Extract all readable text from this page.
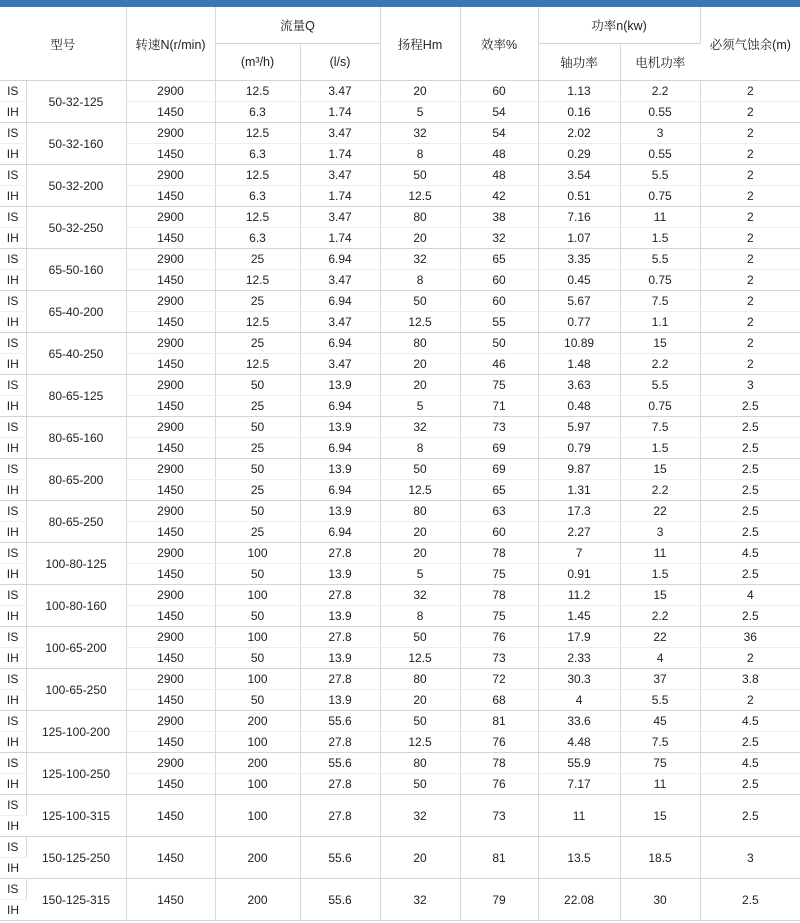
型号		转速N(r/min)	流量Q		扬程Hm	效率%	功率n(kw)		必须气蚀余(m)
			(m³/h)	(l/s)			轴功率	电机功率	
IS	50-32-125	2900	12.5	3.47	20	60	1.13	2.2	2
IH		1450	6.3	1.74	5	54	0.16	0.55	2
IS	50-32-160	2900	12.5	3.47	32	54	2.02	3	2
IH		1450	6.3	1.74	8	48	0.29	0.55	2
IS	50-32-200	2900	12.5	3.47	50	48	3.54	5.5	2
IH		1450	6.3	1.74	12.5	42	0.51	0.75	2
IS	50-32-250	2900	12.5	3.47	80	38	7.16	11	2
IH		1450	6.3	1.74	20	32	1.07	1.5	2
IS	65-50-160	2900	25	6.94	32	65	3.35	5.5	2
IH		1450	12.5	3.47	8	60	0.45	0.75	2
IS	65-40-200	2900	25	6.94	50	60	5.67	7.5	2
IH		1450	12.5	3.47	12.5	55	0.77	1.1	2
IS	65-40-250	2900	25	6.94	80	50	10.89	15	2
IH		1450	12.5	3.47	20	46	1.48	2.2	2
IS	80-65-125	2900	50	13.9	20	75	3.63	5.5	3
IH		1450	25	6.94	5	71	0.48	0.75	2.5
IS	80-65-160	2900	50	13.9	32	73	5.97	7.5	2.5
IH		1450	25	6.94	8	69	0.79	1.5	2.5
IS	80-65-200	2900	50	13.9	50	69	9.87	15	2.5
IH		1450	25	6.94	12.5	65	1.31	2.2	2.5
IS	80-65-250	2900	50	13.9	80	63	17.3	22	2.5
IH		1450	25	6.94	20	60	2.27	3	2.5
IS	100-80-125	2900	100	27.8	20	78	7	11	4.5
IH		1450	50	13.9	5	75	0.91	1.5	2.5
IS	100-80-160	2900	100	27.8	32	78	11.2	15	4
IH		1450	50	13.9	8	75	1.45	2.2	2.5
IS	100-65-200	2900	100	27.8	50	76	17.9	22	36
IH		1450	50	13.9	12.5	73	2.33	4	2
IS	100-65-250	2900	100	27.8	80	72	30.3	37	3.8
IH		1450	50	13.9	20	68	4	5.5	2
IS	125-100-200	2900	200	55.6	50	81	33.6	45	4.5
IH		1450	100	27.8	12.5	76	4.48	7.5	2.5
IS	125-100-250	2900	200	55.6	80	78	55.9	75	4.5
IH		1450	100	27.8	50	76	7.17	11	2.5
IS	125-100-315	1450	100	27.8	32	73	11	15	2.5
IH									
IS	150-125-250	1450	200	55.6	20	81	13.5	18.5	3
IH									
IS	150-125-315	1450	200	55.6	32	79	22.08	30	2.5
IH									
